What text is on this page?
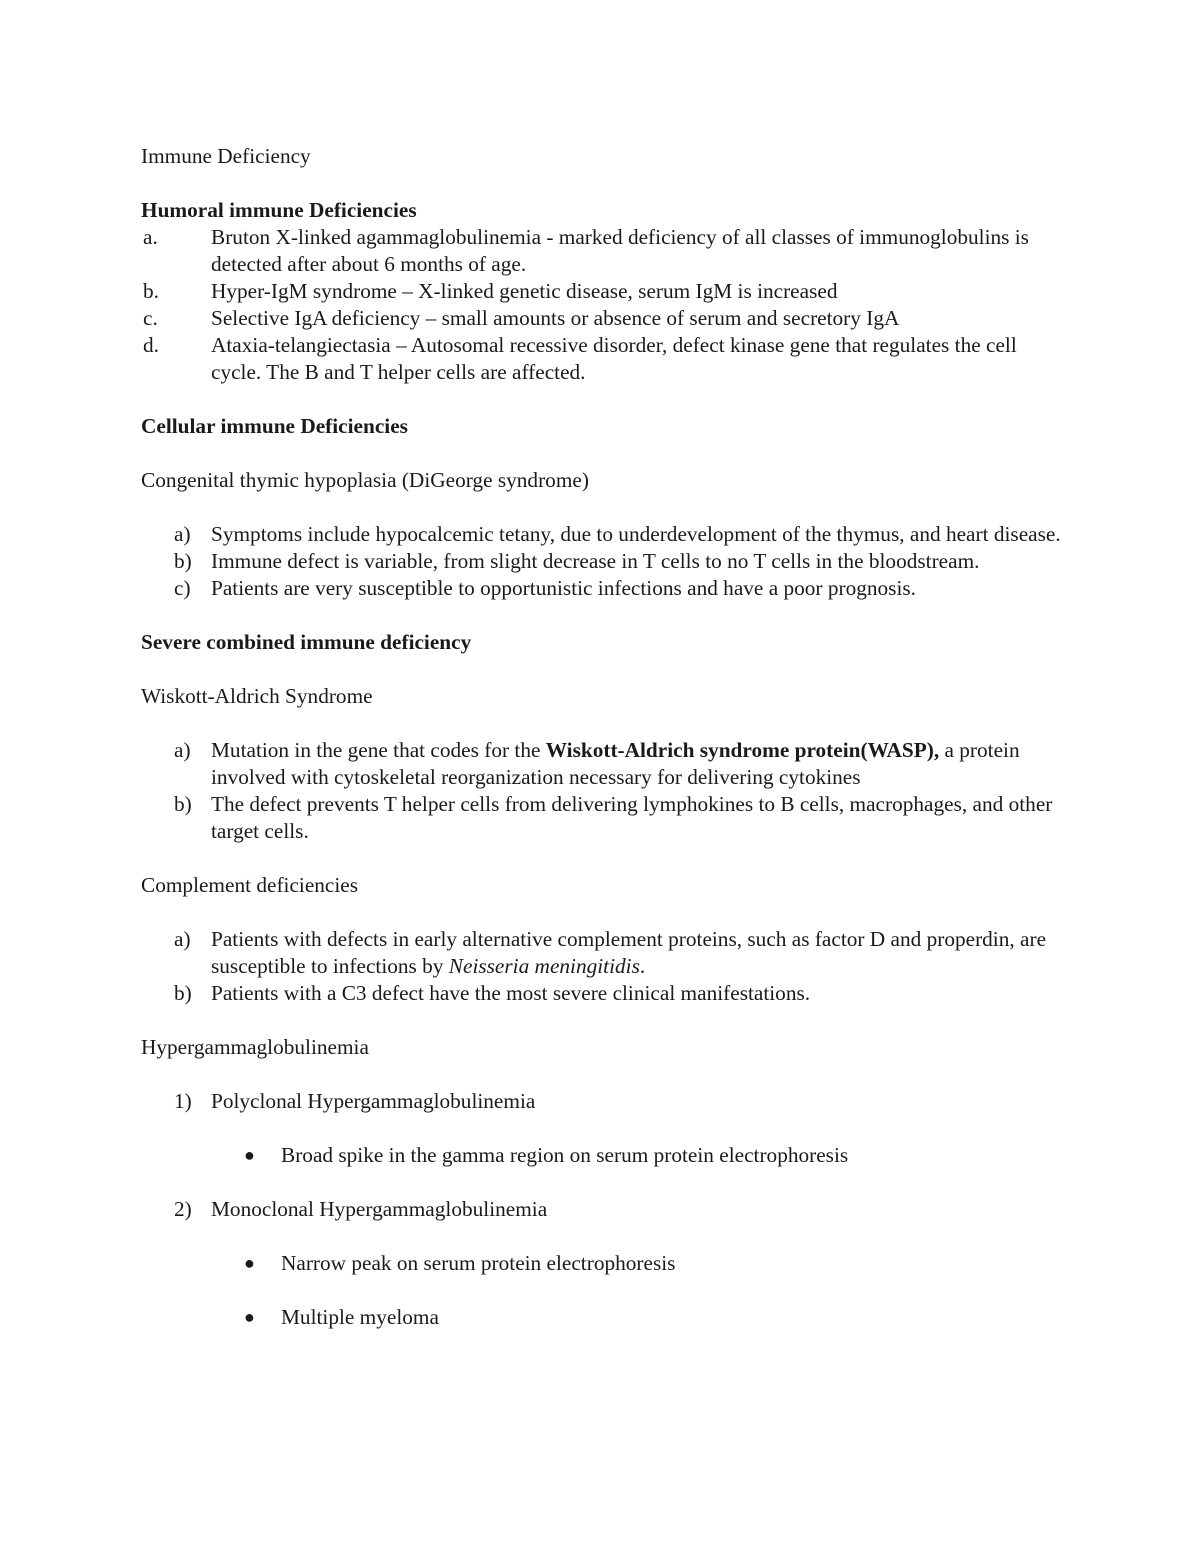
Immune Deficiency

Humoral immune Deficiencies

a.	Bruton X-linked agammaglobulinemia - marked deficiency of all classes of immunoglobulins is detected after about 6 months of age.
b.	Hyper-IgM syndrome – X-linked genetic disease, serum IgM is increased
c.	Selective IgA deficiency – small amounts or absence of serum and secretory IgA
d.	Ataxia-telangiectasia – Autosomal recessive disorder, defect kinase gene that regulates the cell cycle. The B and T helper cells are affected.

Cellular immune Deficiencies

Congenital thymic hypoplasia (DiGeorge syndrome)

a) Symptoms include hypocalcemic tetany, due to underdevelopment of the thymus, and heart disease.
b) Immune defect is variable, from slight decrease in T cells to no T cells in the bloodstream.
c) Patients are very susceptible to opportunistic infections and have a poor prognosis.

Severe combined immune deficiency

Wiskott-Aldrich Syndrome

a) Mutation in the gene that codes for the Wiskott-Aldrich syndrome protein(WASP), a protein involved with cytoskeletal reorganization necessary for delivering cytokines
b) The defect prevents T helper cells from delivering lymphokines to B cells, macrophages, and other target cells.

Complement deficiencies

a) Patients with defects in early alternative complement proteins, such as factor D and properdin, are susceptible to infections by Neisseria meningitidis.
b) Patients with a C3 defect have the most severe clinical manifestations.

Hypergammaglobulinemia

1) Polyclonal Hypergammaglobulinemia
●	Broad spike in the gamma region on serum protein electrophoresis
2) Monoclonal Hypergammaglobulinemia
●	Narrow peak on serum protein electrophoresis
●	Multiple myeloma
